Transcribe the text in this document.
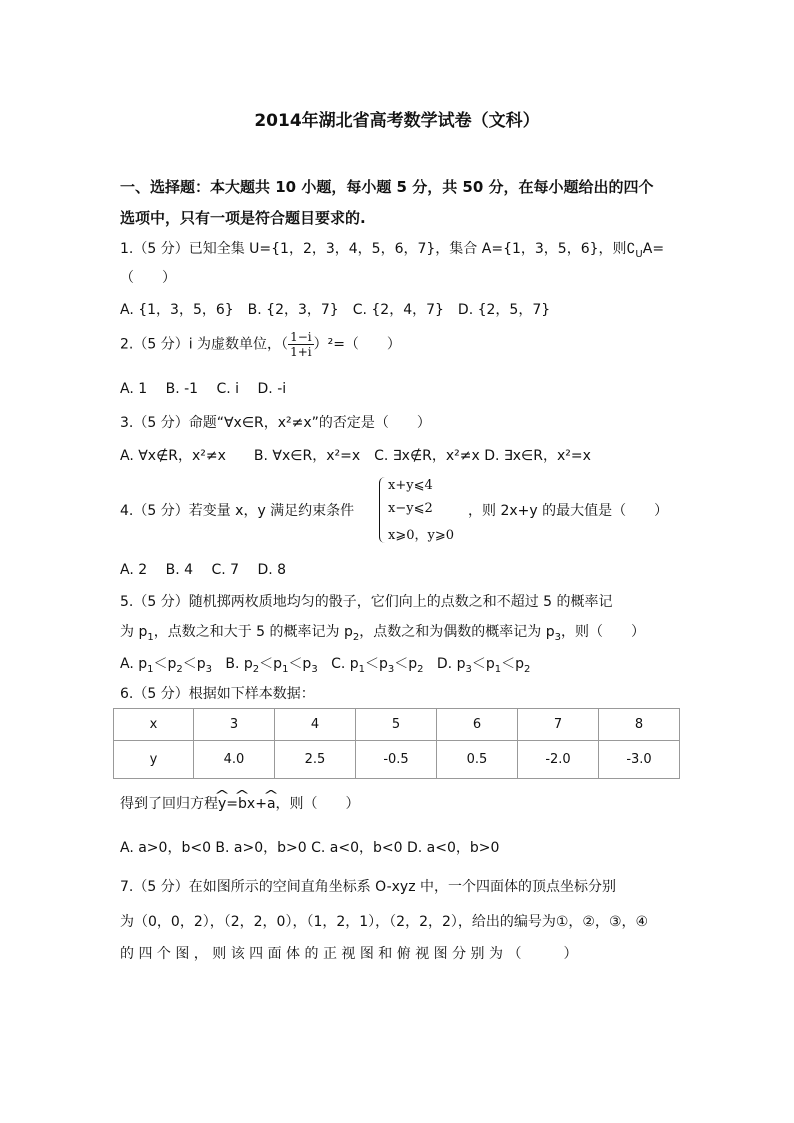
2014年湖北省高考数学试卷（文科）
一、选择题：本大题共 10 小题，每小题 5 分，共 50 分，在每小题给出的四个
选项中，只有一项是符合题目要求的.
1.（5 分）已知全集 U={1，2，3，4，5，6，7}，集合 A={1，3，5，6}，则$∁_UA=$
（　　）
A. {1，3，5，6}　B. {2，3，7}　C. {2，4，7}　D. {2，5，7}
2.（5 分）i 为虚数单位，（ $\frac{1-i}{1+i} )^2=$（　　）
A. 1　 B. -1　 C. i　 D. -i
3.（5 分）命题“∀x∈R，x²≠x”的否定是（　　）
A. ∀x∉R，x²≠x　　B. ∀x∈R，x²=x　C. ∃x∉R，x²≠x D. ∃x∈R，x²=x
4.（5 分）若变量 x，y 满足约束条件
x+y⩽4
x−y⩽2
x⩾0，y⩾0
，则 2x+y 的最大值是（　　）
A. 2　 B. 4　 C. 7　 D. 8
5.（5 分）随机掷两枚质地均匀的骰子，它们向上的点数之和不超过 5 的概率记
为 $p_1$，点数之和大于 5 的概率记为 $p_2$，点数之和为偶数的概率记为 $p_3$，则（　　）
A. $p_1<p_2<p_3$ B. $p_2<p_1<p_3$ C. $p_1<p_3<p_2$ D. $p_3<p_1<p_2$
6.（5 分）根据如下样本数据：
x	3	4	5	6	7	8
y	4.0	2.5	-0.5	0.5	-2.0	-3.0
得到了回归方程^ y=^ bx+^ a，则（　　）
A. a>0，b<0 B. a>0，b>0 C. a<0，b<0 D. a<0，b>0
7.（5 分）在如图所示的空间直角坐标系 O-xyz 中，一个四面体的顶点坐标分别
为（0，0，2），（2，2，0），（1，2，1），（2，2，2），给出的编号为①，②，③，④
的 四 个 图 ， 则 该 四 面 体 的 正 视 图 和 俯 视 图 分 别 为 （　　　）
